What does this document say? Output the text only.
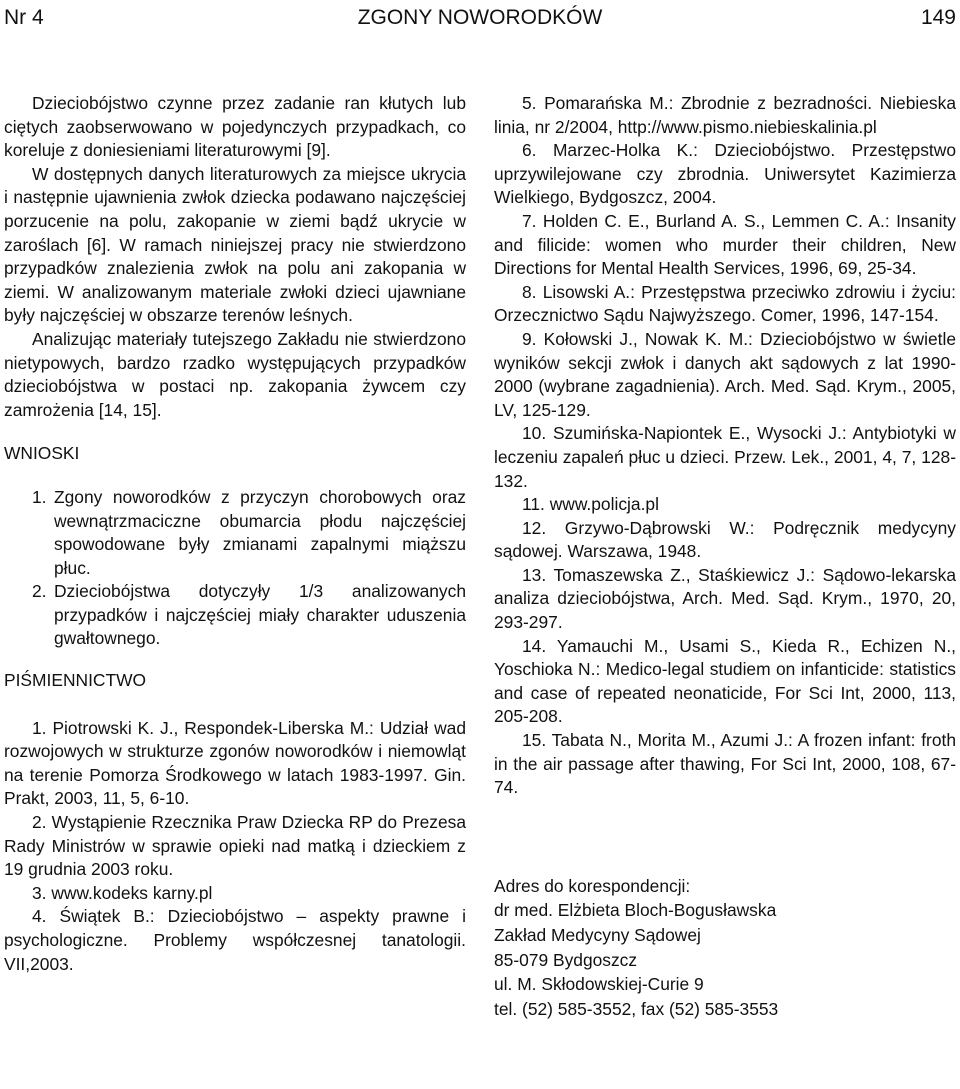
ZGONY NOWORODKÓW
Nr 4	149

Dzieciobójstwo czynne przez zadanie ran kłutych lub ciętych zaobserwowano w pojedynczych przypadkach, co koreluje z doniesieniami literaturowymi [9].

W dostępnych danych literaturowych za miejsce ukrycia i następnie ujawnienia zwłok dziecka podawano najczęściej porzucenie na polu, zakopanie w ziemi bądź ukrycie w zaroślach [6]. W ramach niniejszej pracy nie stwierdzono przypadków znalezienia zwłok na polu ani zakopania w ziemi. W analizowanym materiale zwłoki dzieci ujawniane były najczęściej w obszarze terenów leśnych.

Analizując materiały tutejszego Zakładu nie stwierdzono nietypowych, bardzo rzadko występujących przypadków dzieciobójstwa w postaci np. zakopania żywcem czy zamrożenia [14, 15].

WNIOSKI

1. Zgony noworodków z przyczyn chorobowych oraz wewnątrzmaciczne obumarcia płodu najczęściej spowodowane były zmianami zapalnymi miąższu płuc.
2. Dzieciobójstwa dotyczyły 1/3 analizowanych przypadków i najczęściej miały charakter uduszenia gwałtownego.

PIŚMIENNICTWO

1. Piotrowski K. J., Respondek-Liberska M.: Udział wad rozwojowych w strukturze zgonów noworodków i niemowląt na terenie Pomorza Środkowego w latach 1983-1997. Gin. Prakt, 2003, 11, 5, 6-10.

2. Wystąpienie Rzecznika Praw Dziecka RP do Prezesa Rady Ministrów w sprawie opieki nad matką i dzieckiem z 19 grudnia 2003 roku.

3. www.kodeks karny.pl

4. Świątek B.: Dzieciobójstwo – aspekty prawne i psychologiczne. Problemy współczesnej tanatologii. VII,2003.

5. Pomarańska M.: Zbrodnie z bezradności. Niebieska linia, nr 2/2004, http://www.pismo.niebieskalinia.pl

6. Marzec-Holka K.: Dzieciobójstwo. Przestępstwo uprzywilejowane czy zbrodnia. Uniwersytet Kazimierza Wielkiego, Bydgoszcz, 2004.

7. Holden C. E., Burland A. S., Lemmen C. A.: Insanity and filicide: women who murder their children, New Directions for Mental Health Services, 1996, 69, 25-34.

8. Lisowski A.: Przestępstwa przeciwko zdrowiu i życiu: Orzecznictwo Sądu Najwyższego. Comer, 1996, 147-154.

9. Kołowski J., Nowak K. M.: Dzieciobójstwo w świetle wyników sekcji zwłok i danych akt sądowych z lat 1990-2000 (wybrane zagadnienia). Arch. Med. Sąd. Krym., 2005, LV, 125-129.

10. Szumińska-Napiontek E., Wysocki J.: Antybiotyki w leczeniu zapaleń płuc u dzieci. Przew. Lek., 2001, 4, 7, 128-132.

11. www.policja.pl

12. Grzywo-Dąbrowski W.: Podręcznik medycyny sądowej. Warszawa, 1948.

13. Tomaszewska Z., Staśkiewicz J.: Sądowo-lekarska analiza dzieciobójstwa, Arch. Med. Sąd. Krym., 1970, 20, 293-297.

14. Yamauchi M., Usami S., Kieda R., Echizen N., Yoschioka N.: Medico-legal studiem on infanticide: statistics and case of repeated neonaticide, For Sci Int, 2000, 113, 205-208.

15. Tabata N., Morita M., Azumi J.: A frozen infant: froth in the air passage after thawing, For Sci Int, 2000, 108, 67-74.

Adres do korespondencji:

dr med. Elżbieta Bloch-Bogusławska

Zakład Medycyny Sądowej

85-079 Bydgoszcz

ul. M. Skłodowskiej-Curie 9

tel. (52) 585-3552, fax (52) 585-3553
